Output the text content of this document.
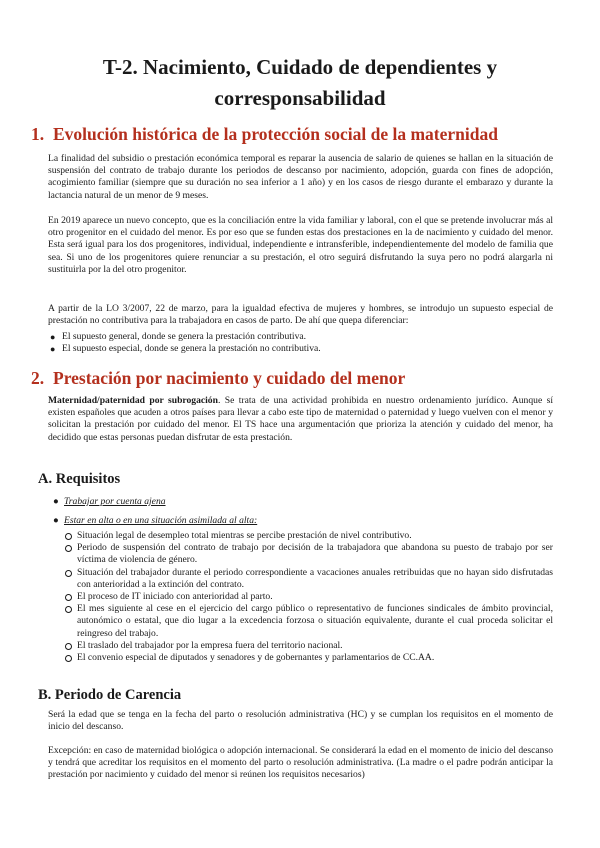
T-2. Nacimiento, Cuidado de dependientes y
corresponsabilidad
1. Evolución histórica de la protección social de la maternidad

La finalidad del subsidio o prestación económica temporal es reparar la ausencia de salario de quienes se hallan en la situación de suspensión del contrato de trabajo durante los periodos de descanso por nacimiento, adopción, guarda con fines de adopción, acogimiento familiar (siempre que su duración no sea inferior a 1 año) y en los casos de riesgo durante el embarazo y durante la lactancia natural de un menor de 9 meses.

En 2019 aparece un nuevo concepto, que es la conciliación entre la vida familiar y laboral, con el que se pretende involucrar más al otro progenitor en el cuidado del menor. Es por eso que se funden estas dos prestaciones en la de nacimiento y cuidado del menor. Esta será igual para los dos progenitores, individual, independiente e intransferible, independientemente del modelo de familia que sea. Si uno de los progenitores quiere renunciar a su prestación, el otro seguirá disfrutando la suya pero no podrá alargarla ni sustituirla por la del otro progenitor.

A partir de la LO 3/2007, 22 de marzo, para la igualdad efectiva de mujeres y hombres, se introdujo un supuesto especial de prestación no contributiva para la trabajadora en casos de parto. De ahí que quepa diferenciar:

● El supuesto general, donde se genera la prestación contributiva.
● El supuesto especial, donde se genera la prestación no contributiva.
2. Prestación por nacimiento y cuidado del menor

Maternidad/paternidad por subrogación. Se trata de una actividad prohibida en nuestro ordenamiento jurídico. Aunque sí existen españoles que acuden a otros países para llevar a cabo este tipo de maternidad o paternidad y luego vuelven con el menor y solicitan la prestación por cuidado del menor. El TS hace una argumentación que prioriza la atención y cuidado del menor, ha decidido que estas personas puedan disfrutar de esta prestación.

A. Requisitos
● Trabajar por cuenta ajena
● Estar en alta o en una situación asimilada al alta:
Situación legal de desempleo total mientras se percibe prestación de nivel contributivo.
Periodo de suspensión del contrato de trabajo por decisión de la trabajadora que abandona su puesto de trabajo por ser víctima de violencia de género.
Situación del trabajador durante el periodo correspondiente a vacaciones anuales retribuidas que no hayan sido disfrutadas con anterioridad a la extinción del contrato.
El proceso de IT iniciado con anterioridad al parto.
El mes siguiente al cese en el ejercicio del cargo público o representativo de funciones sindicales de ámbito provincial, autonómico o estatal, que dio lugar a la excedencia forzosa o situación equivalente, durante el cual proceda solicitar el reingreso del trabajo.
El traslado del trabajador por la empresa fuera del territorio nacional.
El convenio especial de diputados y senadores y de gobernantes y parlamentarios de CC.AA.
B. Periodo de Carencia

Será la edad que se tenga en la fecha del parto o resolución administrativa (HC) y se cumplan los requisitos en el momento de inicio del descanso.

Excepción: en caso de maternidad biológica o adopción internacional. Se considerará la edad en el momento de inicio del descanso y tendrá que acreditar los requisitos en el momento del parto o resolución administrativa. (La madre o el padre podrán anticipar la prestación por nacimiento y cuidado del menor si reúnen los requisitos necesarios)
